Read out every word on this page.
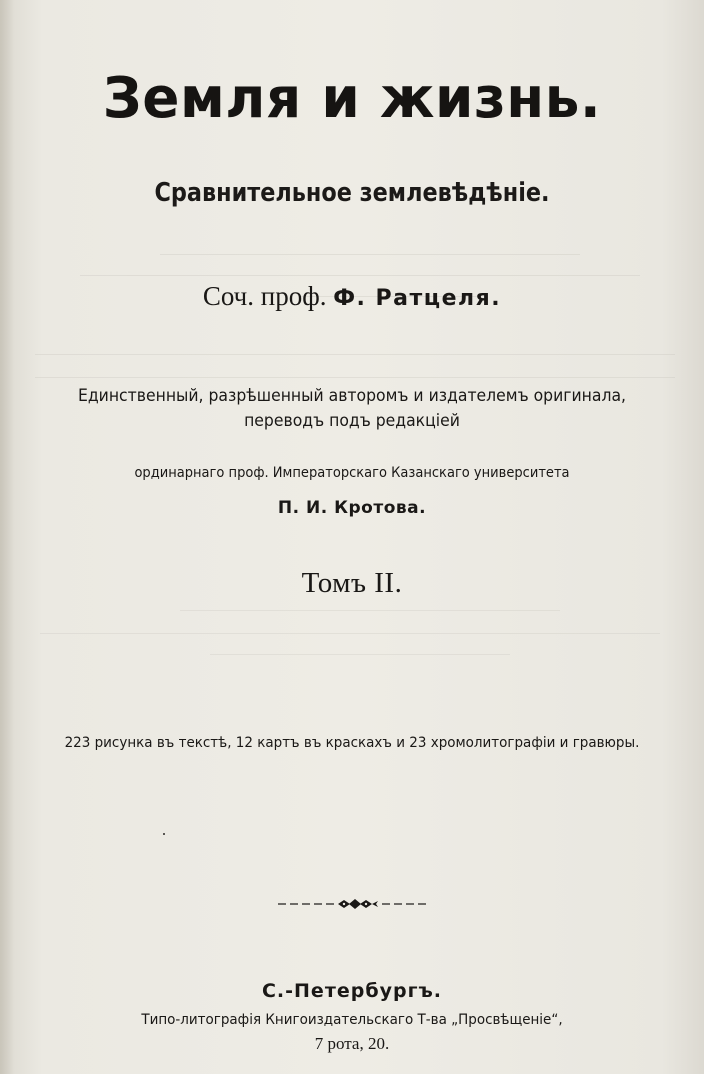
Земля и жизнь.
Сравнительное землевѣдѣніе.
Соч. проф. Ф. Ратцеля.
Единственный, разрѣшенный авторомъ и издателемъ оригинала,
переводъ подъ редакціей
ординарнаго проф. Императорскаго Казанскаго университета
П. И. Кротова.
Томъ II.
223 рисунка въ текстѣ, 12 картъ въ краскахъ и 23 хромолитографіи и гравюры.
С.-Петербургъ.
Типо-литографія Книгоиздательскаго Т-ва „Просвѣщеніе“,
7 рота, 20.
